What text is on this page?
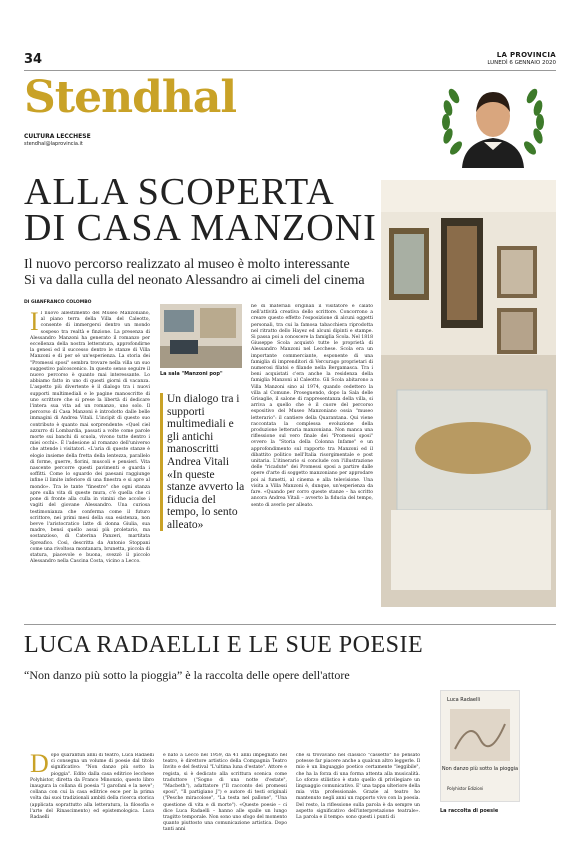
34	LA PROVINCIA
LUNEDÌ 6 GENNAIO 2020
Stendhal
CULTURA LECCHESE
stendhal@laprovincia.it
ALLA SCOPERTA
DI CASA MANZONI
Il nuovo percorso realizzato al museo è molto interessante
Si va dalla culla del neonato Alessandro ai cimeli del cinema
DI GIANFRANCO COLOMBO
Il nuovo allestimento del Museo Manzoniano, al piano terra della Villa del Caleotto, consente di immergersi dentro un mondo sospeso tra realtà e finzione. La presenza di Alessandro Manzoni ha generato il romanzo per eccellenza della nostra letteratura, approfondirne la genesi ed il successo dentro le stanze di Villa Manzoni e di per sé un'esperienza. La storia dei "Promessi sposi" sembra trovare nella villa un suo suggestivo palcoscenico. In questo senso seguire il nuovo percorso è quanto mai interessante. Lo abbiamo fatto in uno di questi giorni di vacanza. L'aspetto più divertente è il dialogo tra i nuovi supporti multimediali e le pagine manoscritte di uno scrittore che si prese la libertà di dedicare l'intera sua vita ad un romanzo, uno solo. Il percorso di Casa Manzoni è introdotto dalle belle immagini di Andrea Vitali. L'incipit di questo suo contributo è quanto mai sorprendente: «Quel ciel azzurro di Lombardia, passati a volte come parole morte sui banchi di scuola, vivono tutte dentro i miei occhi». È l'adesione al romanzo dell'universo che attende i visitatori. «L'aria di queste stanze è elogio insieme della fretta della lentezza, parallelo di forme, guerre, fiorini, muscoli e pensieri. Vita nascente percorre questi pavimenti e guarda i soffitti. Come lo sguardo dei paesani raggiunge infine il limite inferiore di una finestra e si apre al mondo». Tra le tante "finestre" che ogni stanza apre sulla vita di queste mura, c'è quella che ci pone di fronte alla culla in vimini che accolse i vagiti del giovane Alessandro. Una curiosa testimonianza che conferma come il futuro scrittore, nei primi mesi della sua esistenza, non bevve l'aristocratico latte di donna Giulia, sua madre, bensì quello assai più proletario, ma sostanzioso, di Caterina Panzeri, martitata Spreafico. Così, descritta da Antonio Stoppani come una rivoltosa montanara, brunetta, piccola di statura, piacevole e buona, svezzò il piccolo Alessandro nella Cascina Costa, vicino a Lecco.
La sala "Manzoni pop"
Un dialogo tra i supporti multimediali e gli antichi manoscritti
Andrea Vitali
«In queste stanze avverto la fiducia del tempo, lo sento alleato»
ne di materiali originali il visitatore è calato nell'attività creativa dello scrittore. Concorrono a creare questo effetto l'esposizione di alcuni oggetti personali, tra cui la famosa tabacchiera riprodotta nel ritratto dello Hayez ed alcuni dipinti e stampe. Si passa poi a conoscere la famiglia Scola. Nel 1818 Giuseppe Scola acquistò tutte le proprietà di Alessandro Manzoni nel Lecchese. Scola era un importante commerciante, esponente di una famiglia di imprenditori di Vercurago proprietari di numerosi filatoi e filande nella Bergamasca. Tra i beni acquistati c'era anche la residenza della famiglia Manzoni al Caleotto. Gli Scola abitarono a Villa Manzoni sino al 1974, quando cedettero la villa al Comune. Proseguendo, dopo la Sala delle Grisaglie, il salone di rappresentanza della villa, si arriva a quello che è il cuore del percorso espositivo del Museo Manzoniano ossia "museo letterario": il cantiere della Quarantana. Qui viene raccontata la complessa evoluzione della produzione letteraria manzoniana. Non manca una riflessione sul vero finale dei "Promessi sposi" ovvero la "Storia della Colonna Infame" e un approfondimento sul rapporto tra Manzoni ed il dibattito politico nell'Italia risorgimentale e post unitaria. L'itinerario si conclude con l'illustrazione delle "ricadute" dei Promessi sposi a partire dalle opere d'arte di soggetto manzoniano per approdare poi ai fumetti, al cinema e alla televisione. Una visita a Villa Manzoni è, dunque, un'esperienza da fare. «Quando per corro queste stanze – ha scritto ancora Andrea Vitali – avverto la fiducia del tempo, sento di averlo per alleato.
LUCA RADAELLI E LE SUE POESIE
“Non danzo più sotto la pioggia” è la raccolta delle opere dell'attore
Dopo quarantun anni di teatro, Luca Radaelli ci consegna un volume di poesie dal titolo significativo: "Non danzo più sotto la pioggia". Edito dalla casa editrice lecchese Polyhistor, diretta da Franco Minonzio, questo libro inaugura la collana di poesia "I garofani e la neve"; collana con cui la casa editrice esce per la prima volta dai suoi tradizionali ambiti della ricerca storica (applicata soprattutto alla letteratura, la filosofia e l'arte del Rinascimento) ed epistemologica. Luca Radaelli
è nato a Lecco nel 1959, da 41 anni impegnato nel teatro, è direttore artistico della Compagnia Teatro Invito e del festival "L'ultima luna d'estate". Attore e regista, si è dedicato alla scrittura scenica come traduttore ("Sogno di una notte d'estate", "Macbeth"), adattatore ("Il racconto dei promessi sposi", "Il partigiano J") e autore di testi originali ("Pesche miracolose", "La testa nel pallone", "Una questione di vita e di morte"). «Queste poesie – ci dice Luca Radaelli – hanno alle spalle un lungo tragitto temporale. Non sono uno sfogo del momento quanto piuttosto una comunicazione artistica. Dopo tanti anni
che si trovavano nel classico "cassetto" ho pensato potesse far piacere anche a qualcun altro leggerle. Il mio è un linguaggio poetico certamente "leggibile", che ha la forza di una forma attenta alla musicalità. Lo sforzo stilistico è stato quello di privilegiare un linguaggio comunicativo. E' una tappa ulteriore della mia vita professionale. Grazie al teatro ho mantenuto negli anni un rapporto vivo con la poesia. Del resto, la riflessione sulla parola è da sempre un aspetto significativo dell'interpretazione teatrale». La parola e il tempo: sono questi i punti di
Luca Radaelli
Non danzo più sotto la pioggia
Polyhistor Edizioni
La raccolta di poesie
